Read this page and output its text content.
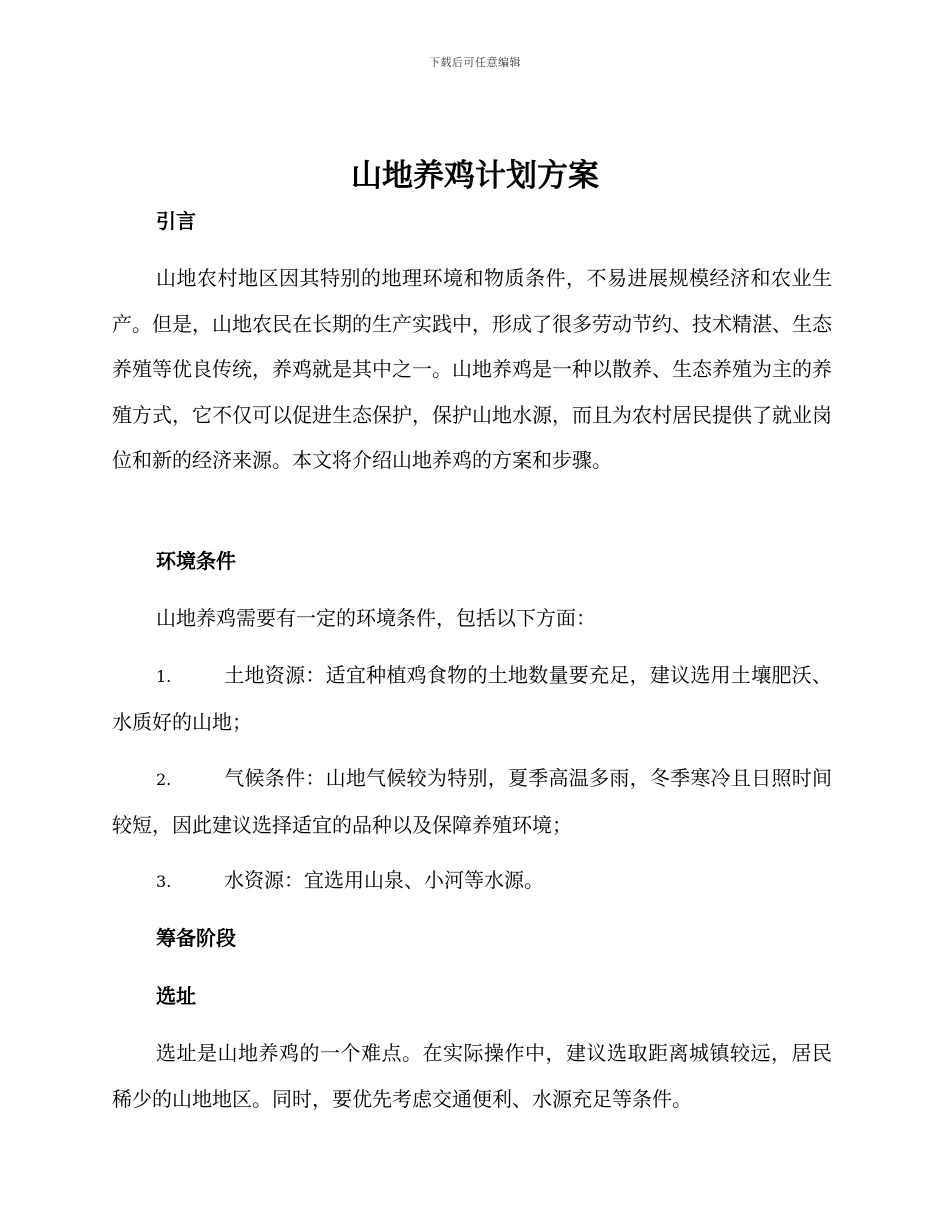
下载后可任意编辑
山地养鸡计划方案
引言
山地农村地区因其特别的地理环境和物质条件，不易进展规模经济和农业生产。但是，山地农民在长期的生产实践中，形成了很多劳动节约、技术精湛、生态养殖等优良传统，养鸡就是其中之一。山地养鸡是一种以散养、生态养殖为主的养殖方式，它不仅可以促进生态保护，保护山地水源，而且为农村居民提供了就业岗位和新的经济来源。本文将介绍山地养鸡的方案和步骤。
环境条件
山地养鸡需要有一定的环境条件，包括以下方面：
1.	土地资源：适宜种植鸡食物的土地数量要充足，建议选用土壤肥沃、水质好的山地；
2.	气候条件：山地气候较为特别，夏季高温多雨，冬季寒冷且日照时间较短，因此建议选择适宜的品种以及保障养殖环境；
3.	水资源：宜选用山泉、小河等水源。
筹备阶段
选址
选址是山地养鸡的一个难点。在实际操作中，建议选取距离城镇较远，居民稀少的山地地区。同时，要优先考虑交通便利、水源充足等条件。
